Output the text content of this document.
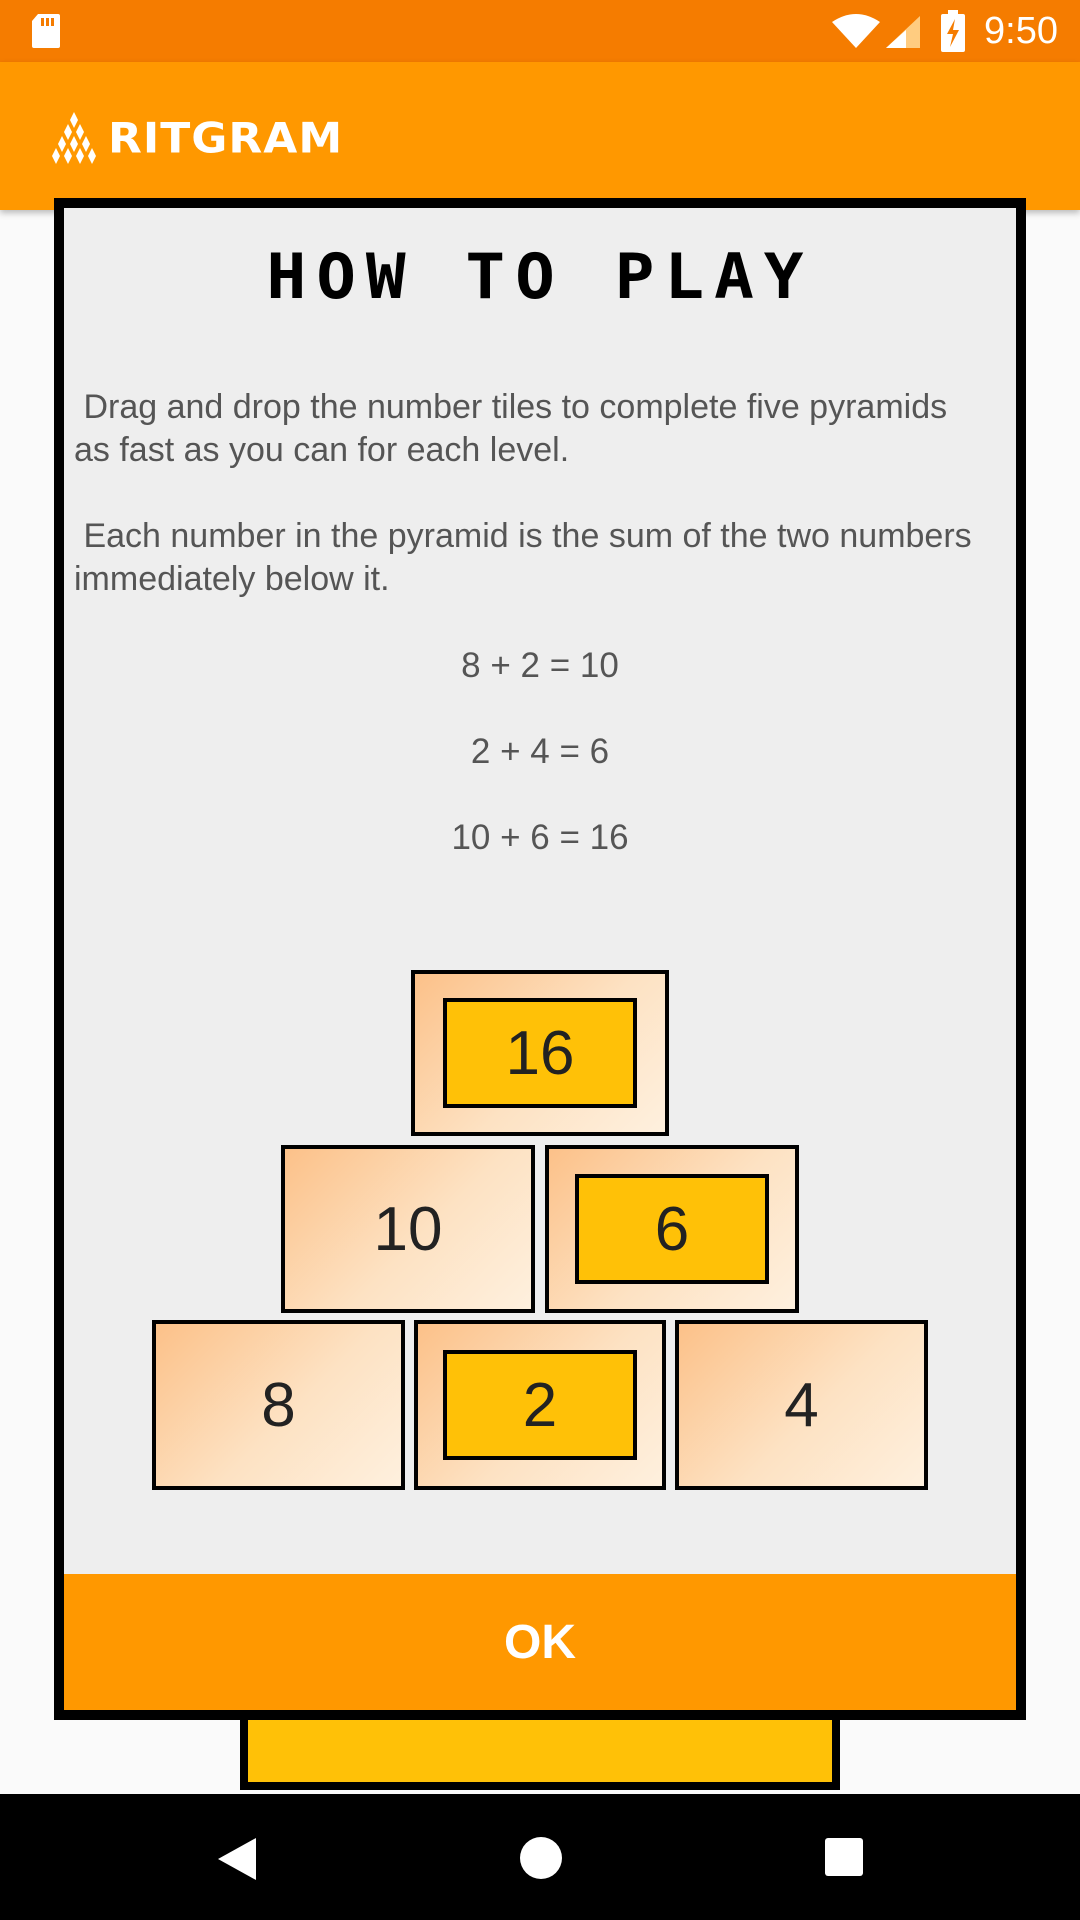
9:50
RITGRAM
HOW TO PLAY
Drag and drop the number tiles to complete five pyramids as fast as you can for each level.
Each number in the pyramid is the sum of the two numbers immediately below it.
8 + 2 = 10
2 + 4 = 6
10 + 6 = 16
16
10	6
8	2	4
OK
